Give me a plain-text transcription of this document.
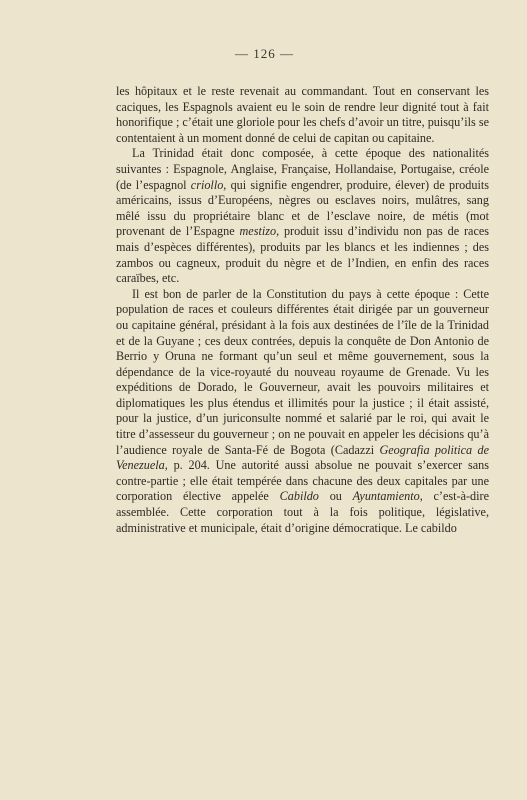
— 126 —

les hôpitaux et le reste revenait au commandant. Tout en conservant les caciques, les Espagnols avaient eu le soin de rendre leur dignité tout à fait honorifique ; c’était une gloriole pour les chefs d’avoir un titre, puisqu’ils se contentaient à un moment donné de celui de capitan ou capitaine.

La Trinidad était donc composée, à cette époque des nationalités suivantes : Espagnole, Anglaise, Française, Hollandaise, Portugaise, créole (de l’espagnol criollo, qui signifie engendrer, produire, élever) de produits américains, issus d’Européens, nègres ou esclaves noirs, mulâtres, sang mêlé issu du propriétaire blanc et de l’esclave noire, de métis (mot provenant de l’Espagne mestizo, produit issu d’individu non pas de races mais d’espèces différentes), produits par les blancs et les indiennes ; des zambos ou cagneux, produit du nègre et de l’Indien, en enfin des races caraïbes, etc.

Il est bon de parler de la Constitution du pays à cette époque : Cette population de races et couleurs différentes était dirigée par un gouverneur ou capitaine général, présidant à la fois aux destinées de l’île de la Trinidad et de la Guyane ; ces deux contrées, depuis la conquête de Don Antonio de Berrio y Oruna ne formant qu’un seul et même gouvernement, sous la dépendance de la vice-royauté du nouveau royaume de Grenade. Vu les expéditions de Dorado, le Gouverneur, avait les pouvoirs militaires et diplomatiques les plus étendus et illimités pour la justice ; il était assisté, pour la justice, d’un juriconsulte nommé et salarié par le roi, qui avait le titre d’assesseur du gouverneur ; on ne pouvait en appeler les décisions qu’à l’audience royale de Santa-Fé de Bogota (Cadazzi Geografia politica de Venezuela, p. 204. Une autorité aussi absolue ne pouvait s’exercer sans contre-partie ; elle était tempérée dans chacune des deux capitales par une corporation élective appelée Cabildo ou Ayuntamiento, c’est-à-dire assemblée. Cette corporation tout à la fois politique, législative, administrative et municipale, était d’origine démocratique. Le cabildo
